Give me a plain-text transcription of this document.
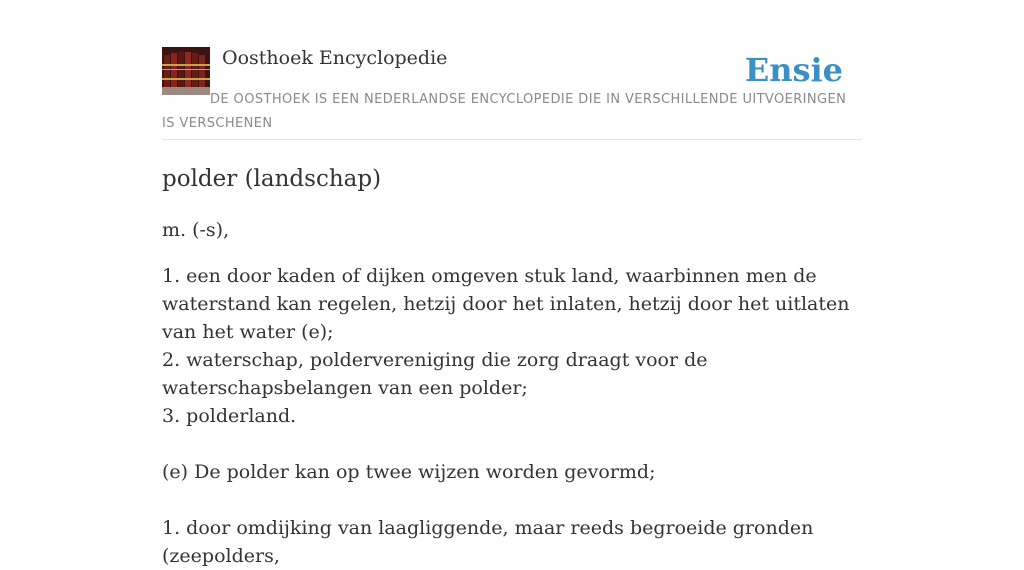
Oosthoek Encyclopedie	Ensie
DE OOSTHOEK IS EEN NEDERLANDSE ENCYCLOPEDIE DIE IN VERSCHILLENDE UITVOERINGEN IS VERSCHENEN
polder (landschap)

m. (-s),

1. een door kaden of dijken omgeven stuk land, waarbinnen men de waterstand kan regelen, hetzij door het inlaten, hetzij door het uitlaten van het water (e);

2. waterschap, poldervereniging die zorg draagt voor de waterschapsbelangen van een polder;

3. polderland.

(e) De polder kan op twee wijzen worden gevormd;

1. door omdijking van laagliggende, maar reeds begroeide gronden (zeepolders,
